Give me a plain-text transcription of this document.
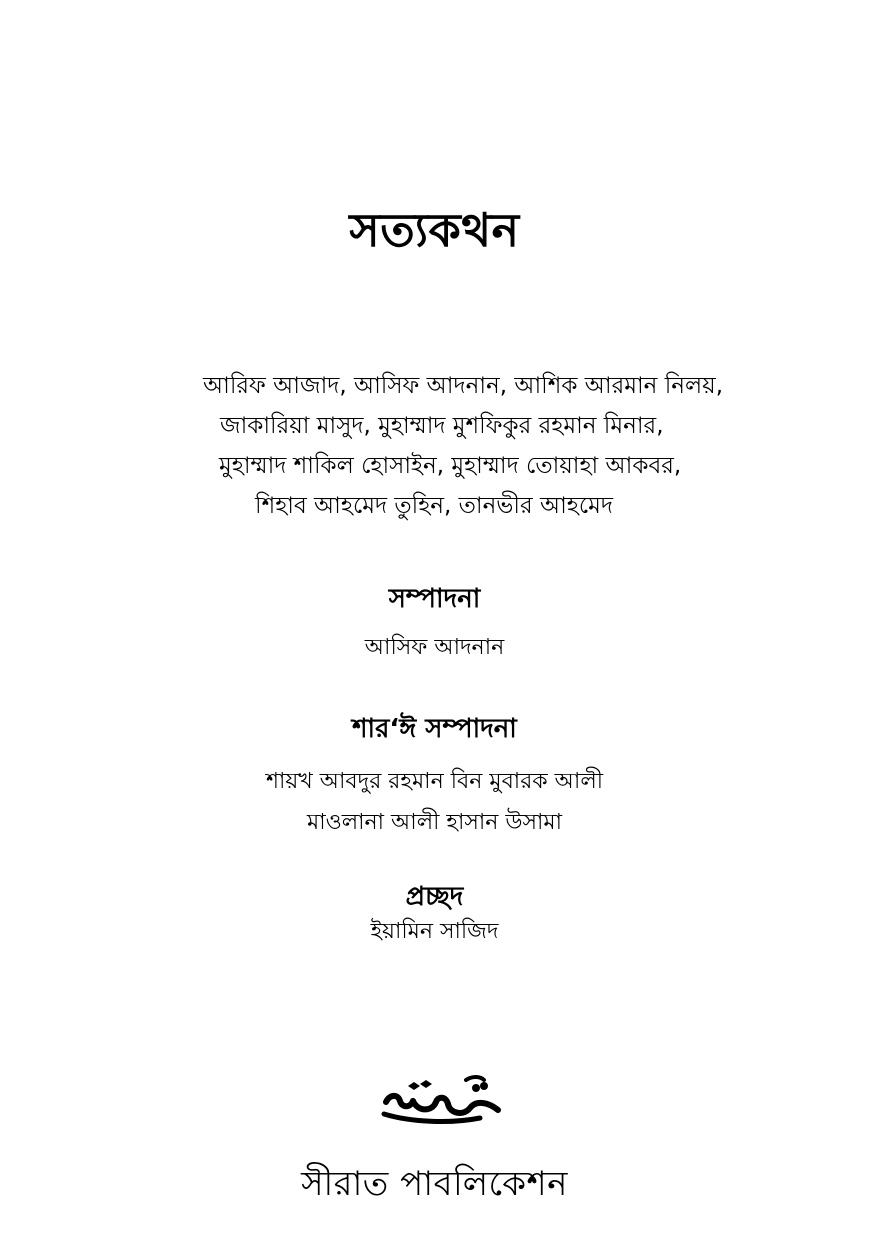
সত্যকথন
আরিফ আজাদ, আসিফ আদনান, আশিক আরমান নিলয়,
জাকারিয়া মাসুদ, মুহাম্মাদ মুশফিকুর রহমান মিনার,
মুহাম্মাদ শাকিল হোসাইন, মুহাম্মাদ তোয়াহা আকবর,
শিহাব আহমেদ তুহিন, তানভীর আহমেদ
সম্পাদনা
আসিফ আদনান
শার‘ঈ সম্পাদনা
শায়খ আবদুর রহমান বিন মুবারক আলী
মাওলানা আলী হাসান উসামা
প্রচ্ছদ
ইয়ামিন সাজিদ
সীরাত পাবলিকেশন
